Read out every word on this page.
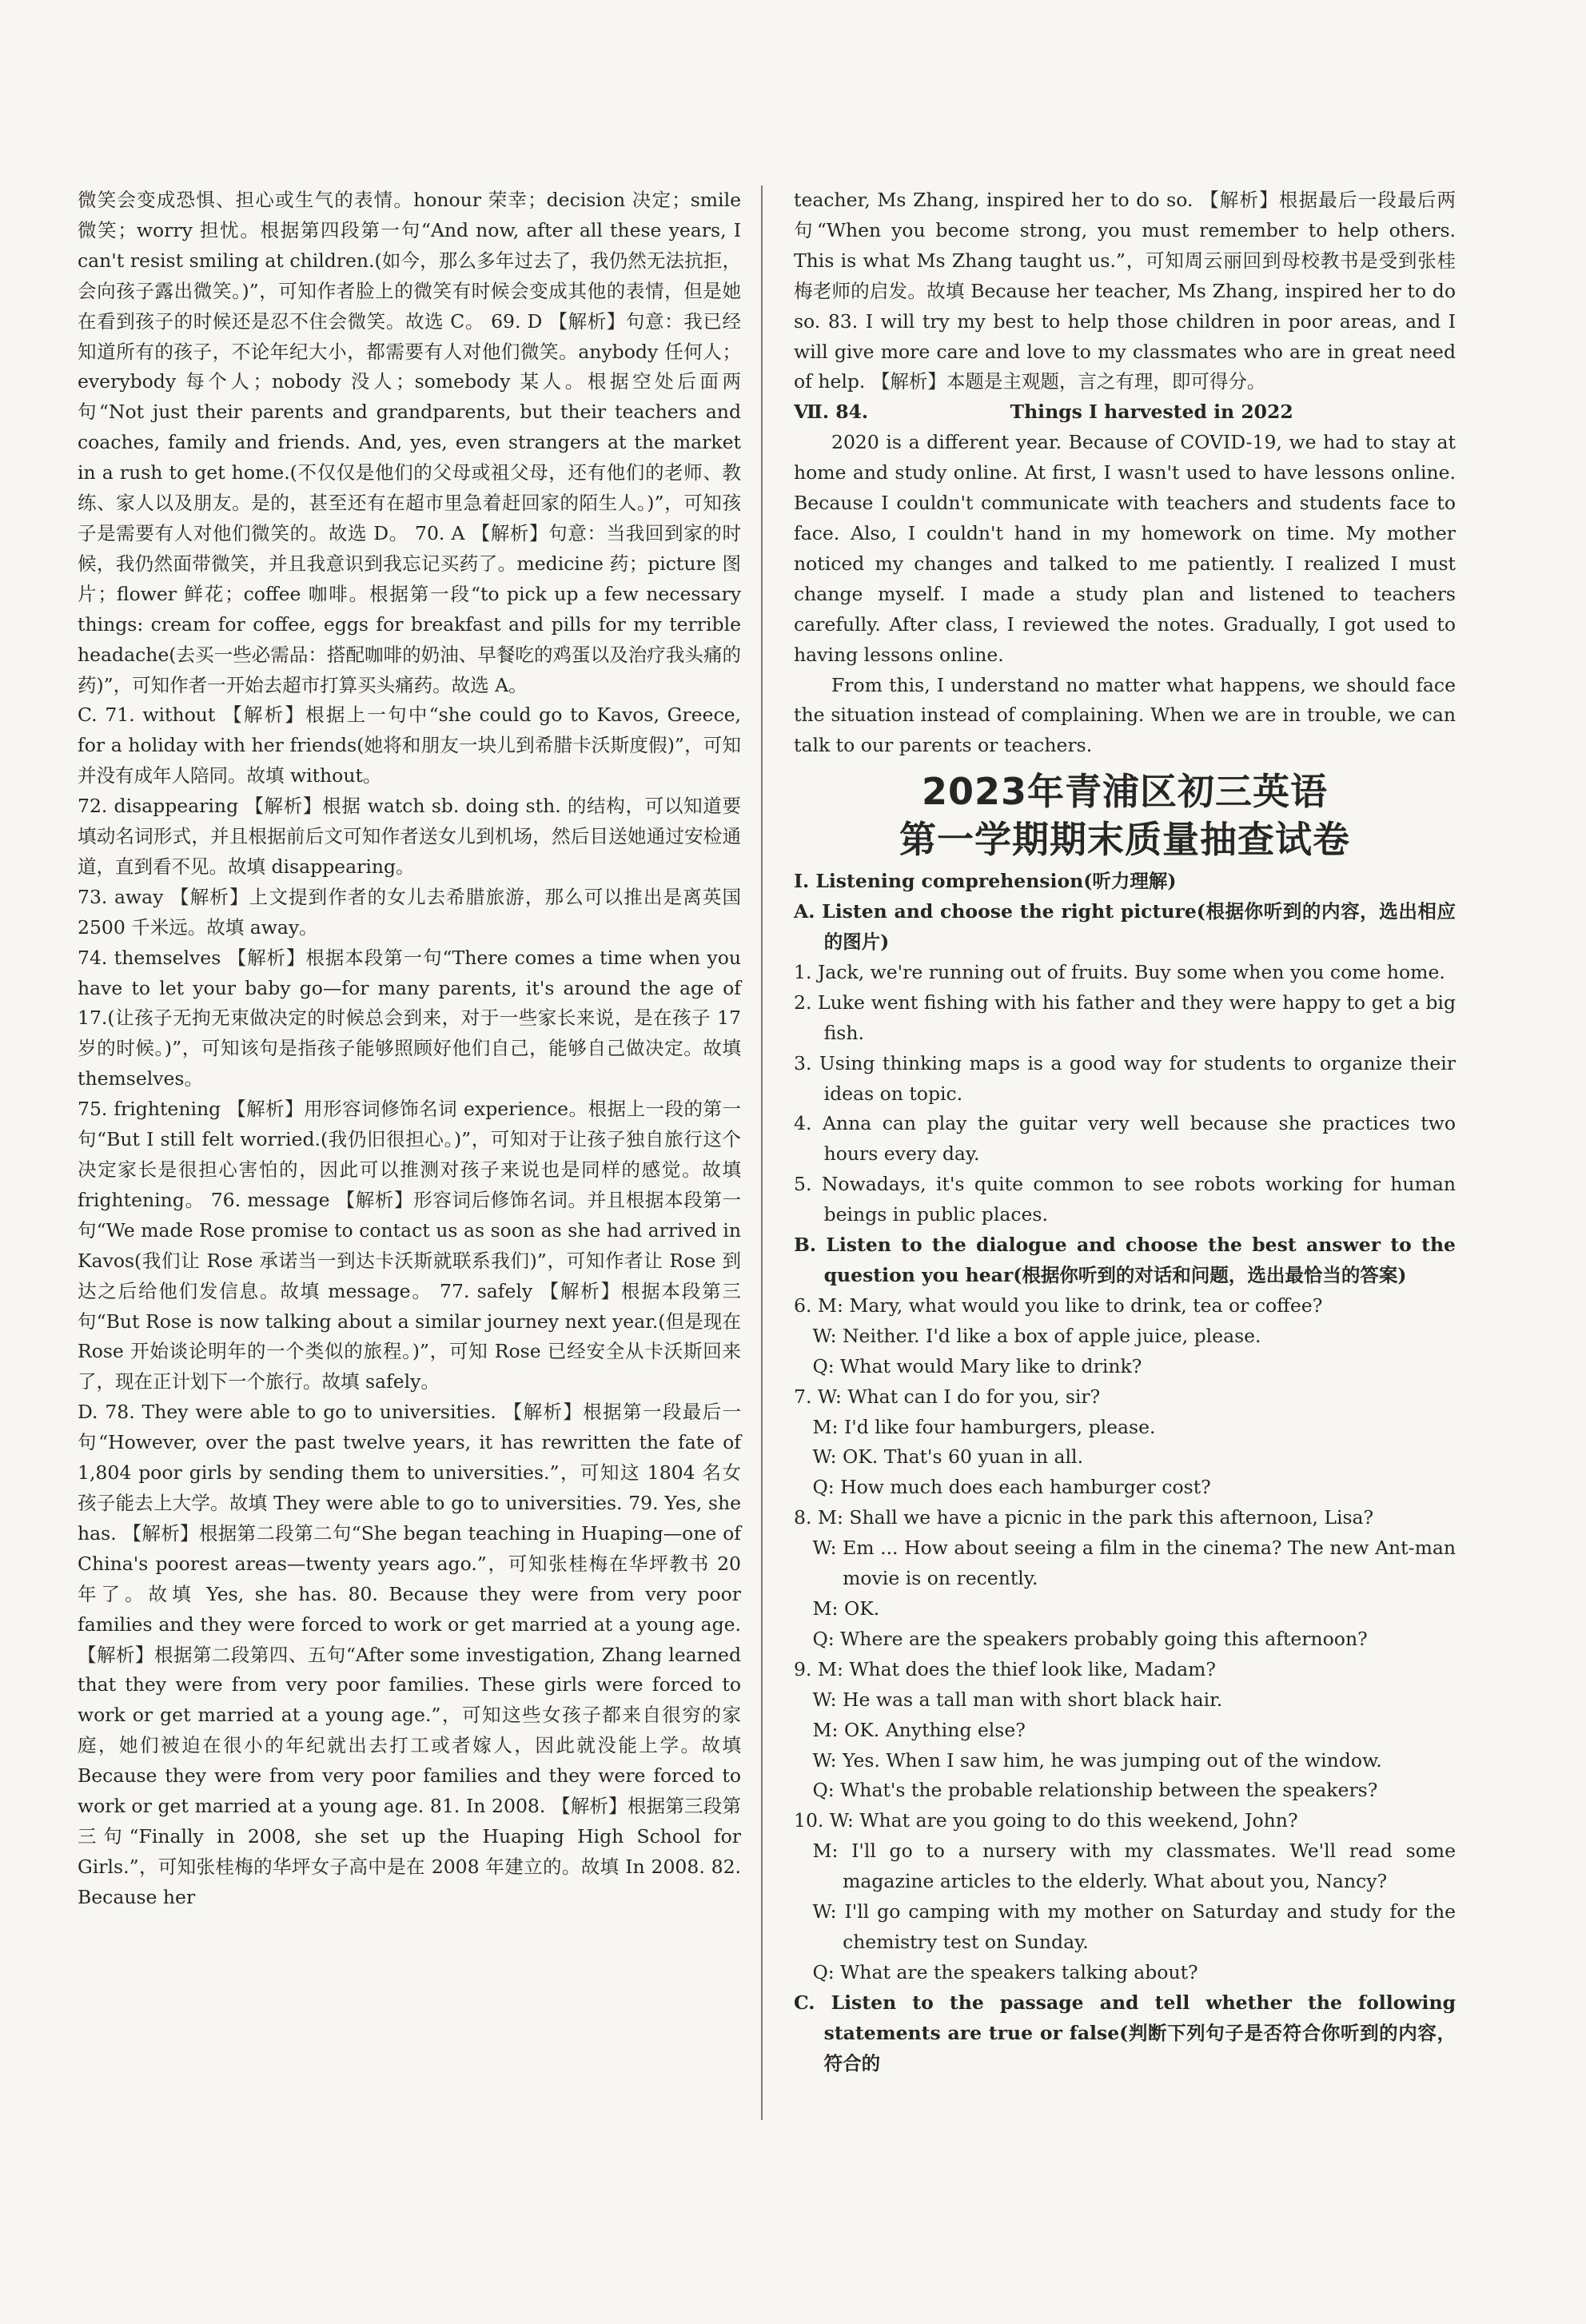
微笑会变成恐惧、担心或生气的表情。honour 荣幸；decision 决定；smile 微笑；worry 担忧。根据第四段第一句“And now, after all these years, I can't resist smiling at children.(如今，那么多年过去了，我仍然无法抗拒，会向孩子露出微笑。)”，可知作者脸上的微笑有时候会变成其他的表情，但是她在看到孩子的时候还是忍不住会微笑。故选 C。 69. D 【解析】句意：我已经知道所有的孩子，不论年纪大小，都需要有人对他们微笑。anybody 任何人；everybody 每个人；nobody 没人；somebody 某人。根据空处后面两句“Not just their parents and grandparents, but their teachers and coaches, family and friends. And, yes, even strangers at the market in a rush to get home.(不仅仅是他们的父母或祖父母，还有他们的老师、教练、家人以及朋友。是的，甚至还有在超市里急着赶回家的陌生人。)”，可知孩子是需要有人对他们微笑的。故选 D。 70. A 【解析】句意：当我回到家的时候，我仍然面带微笑，并且我意识到我忘记买药了。medicine 药；picture 图片；flower 鲜花；coffee 咖啡。根据第一段“to pick up a few necessary things: cream for coffee, eggs for breakfast and pills for my terrible headache(去买一些必需品：搭配咖啡的奶油、早餐吃的鸡蛋以及治疗我头痛的药)”，可知作者一开始去超市打算买头痛药。故选 A。

C. 71. without 【解析】根据上一句中“she could go to Kavos, Greece, for a holiday with her friends(她将和朋友一块儿到希腊卡沃斯度假)”，可知并没有成年人陪同。故填 without。

72. disappearing 【解析】根据 watch sb. doing sth. 的结构，可以知道要填动名词形式，并且根据前后文可知作者送女儿到机场，然后目送她通过安检通道，直到看不见。故填 disappearing。

73. away 【解析】上文提到作者的女儿去希腊旅游，那么可以推出是离英国 2500 千米远。故填 away。

74. themselves 【解析】根据本段第一句“There comes a time when you have to let your baby go—for many parents, it's around the age of 17.(让孩子无拘无束做决定的时候总会到来，对于一些家长来说，是在孩子 17 岁的时候。)”，可知该句是指孩子能够照顾好他们自己，能够自己做决定。故填 themselves。

75. frightening 【解析】用形容词修饰名词 experience。根据上一段的第一句“But I still felt worried.(我仍旧很担心。)”，可知对于让孩子独自旅行这个决定家长是很担心害怕的，因此可以推测对孩子来说也是同样的感觉。故填 frightening。 76. message 【解析】形容词后修饰名词。并且根据本段第一句“We made Rose promise to contact us as soon as she had arrived in Kavos(我们让 Rose 承诺当一到达卡沃斯就联系我们)”，可知作者让 Rose 到达之后给他们发信息。故填 message。 77. safely 【解析】根据本段第三句“But Rose is now talking about a similar journey next year.(但是现在 Rose 开始谈论明年的一个类似的旅程。)”，可知 Rose 已经安全从卡沃斯回来了，现在正计划下一个旅行。故填 safely。

D. 78. They were able to go to universities. 【解析】根据第一段最后一句“However, over the past twelve years, it has rewritten the fate of 1,804 poor girls by sending them to universities.”，可知这 1804 名女孩子能去上大学。故填 They were able to go to universities. 79. Yes, she has. 【解析】根据第二段第二句“She began teaching in Huaping—one of China's poorest areas—twenty years ago.”，可知张桂梅在华坪教书 20 年了。故填 Yes, she has. 80. Because they were from very poor families and they were forced to work or get married at a young age. 【解析】根据第二段第四、五句“After some investigation, Zhang learned that they were from very poor families. These girls were forced to work or get married at a young age.”，可知这些女孩子都来自很穷的家庭，她们被迫在很小的年纪就出去打工或者嫁人，因此就没能上学。故填 Because they were from very poor families and they were forced to work or get married at a young age. 81. In 2008. 【解析】根据第三段第三句“Finally in 2008, she set up the Huaping High School for Girls.”，可知张桂梅的华坪女子高中是在 2008 年建立的。故填 In 2008. 82. Because her

teacher, Ms Zhang, inspired her to do so. 【解析】根据最后一段最后两句“When you become strong, you must remember to help others. This is what Ms Zhang taught us.”，可知周云丽回到母校教书是受到张桂梅老师的启发。故填 Because her teacher, Ms Zhang, inspired her to do so. 83. I will try my best to help those children in poor areas, and I will give more care and love to my classmates who are in great need of help. 【解析】本题是主观题，言之有理，即可得分。

Ⅶ. 84.	Things I harvested in 2022

2020 is a different year. Because of COVID-19, we had to stay at home and study online. At first, I wasn't used to have lessons online. Because I couldn't communicate with teachers and students face to face. Also, I couldn't hand in my homework on time. My mother noticed my changes and talked to me patiently. I realized I must change myself. I made a study plan and listened to teachers carefully. After class, I reviewed the notes. Gradually, I got used to having lessons online.

From this, I understand no matter what happens, we should face the situation instead of complaining. When we are in trouble, we can talk to our parents or teachers.

2023年青浦区初三英语
第一学期期末质量抽查试卷

Ⅰ. Listening comprehension(听力理解)

A. Listen and choose the right picture(根据你听到的内容，选出相应的图片)

1. Jack, we're running out of fruits. Buy some when you come home.

2. Luke went fishing with his father and they were happy to get a big fish.

3. Using thinking maps is a good way for students to organize their ideas on topic.

4. Anna can play the guitar very well because she practices two hours every day.

5. Nowadays, it's quite common to see robots working for human beings in public places.

B. Listen to the dialogue and choose the best answer to the question you hear(根据你听到的对话和问题，选出最恰当的答案)

6. M: Mary, what would you like to drink, tea or coffee?

W: Neither. I'd like a box of apple juice, please.

Q: What would Mary like to drink?

7. W: What can I do for you, sir?

M: I'd like four hamburgers, please.

W: OK. That's 60 yuan in all.

Q: How much does each hamburger cost?

8. M: Shall we have a picnic in the park this afternoon, Lisa?

W: Em ... How about seeing a film in the cinema? The new Ant-man movie is on recently.

M: OK.

Q: Where are the speakers probably going this afternoon?

9. M: What does the thief look like, Madam?

W: He was a tall man with short black hair.

M: OK. Anything else?

W: Yes. When I saw him, he was jumping out of the window.

Q: What's the probable relationship between the speakers?

10. W: What are you going to do this weekend, John?

M: I'll go to a nursery with my classmates. We'll read some magazine articles to the elderly. What about you, Nancy?

W: I'll go camping with my mother on Saturday and study for the chemistry test on Sunday.

Q: What are the speakers talking about?

C. Listen to the passage and tell whether the following statements are true or false(判断下列句子是否符合你听到的内容，符合的
